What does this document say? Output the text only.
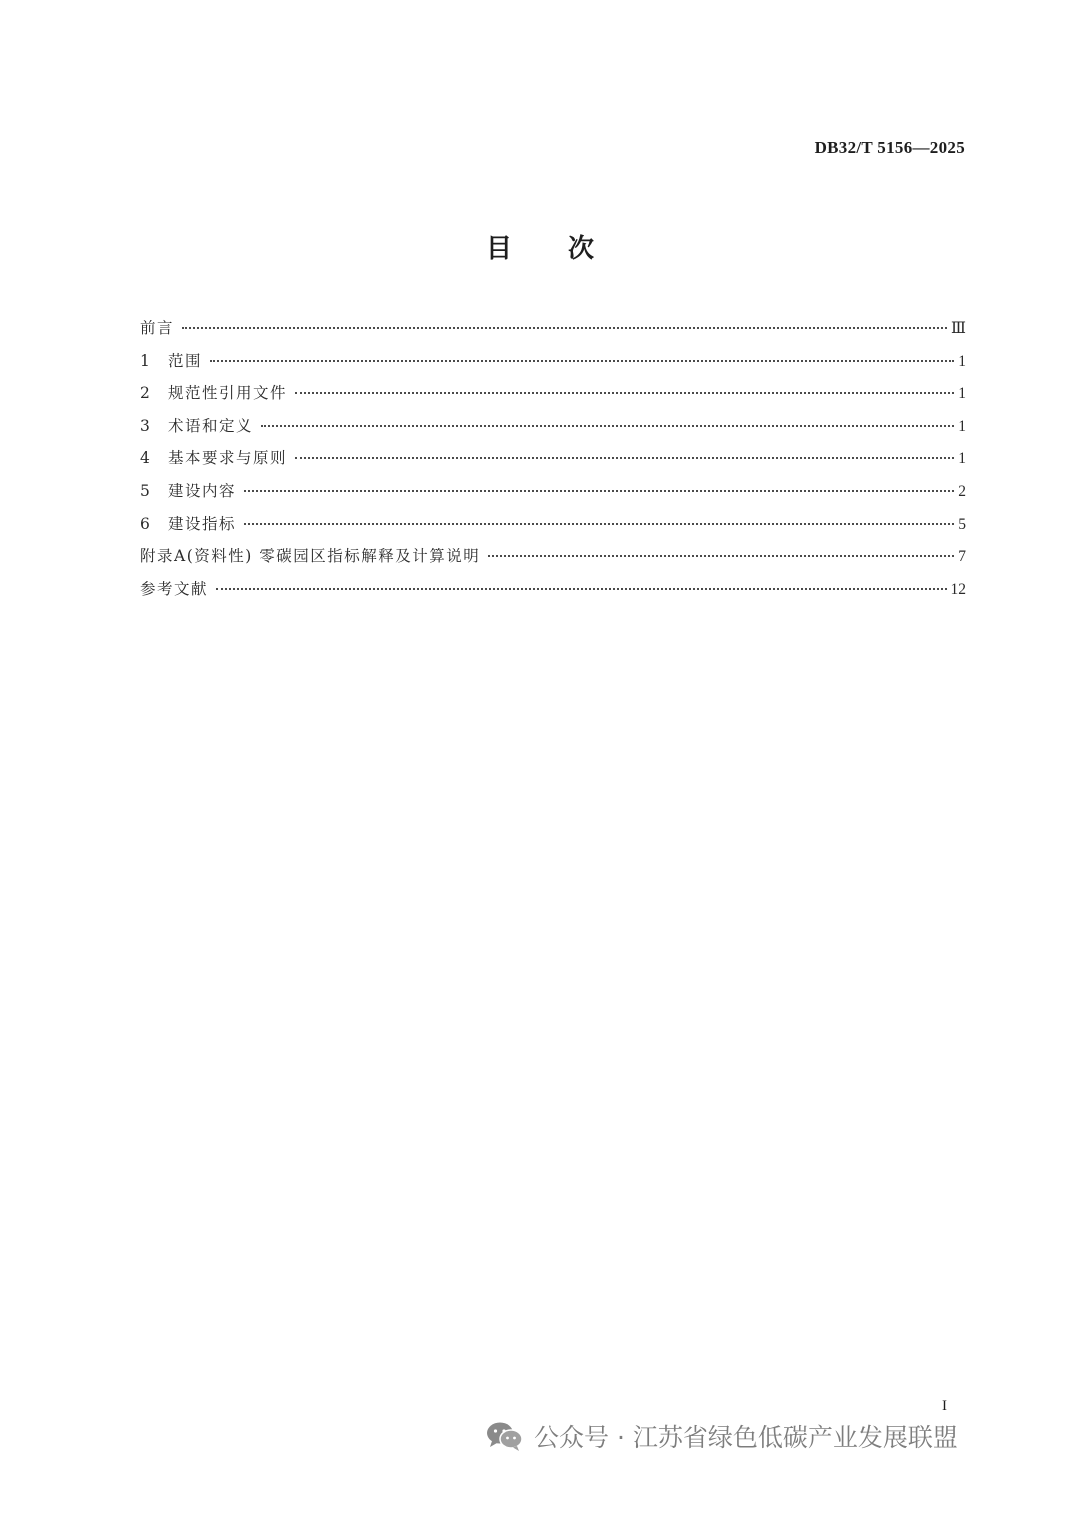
DB32/T 5156—2025
目次
前言	Ⅲ
1	范围	1
2	规范性引用文件	1
3	术语和定义	1
4	基本要求与原则	1
5	建设内容	2
6	建设指标	5
附录A(资料性) 零碳园区指标解释及计算说明	7
参考文献	12
I
公众号 · 江苏省绿色低碳产业发展联盟
